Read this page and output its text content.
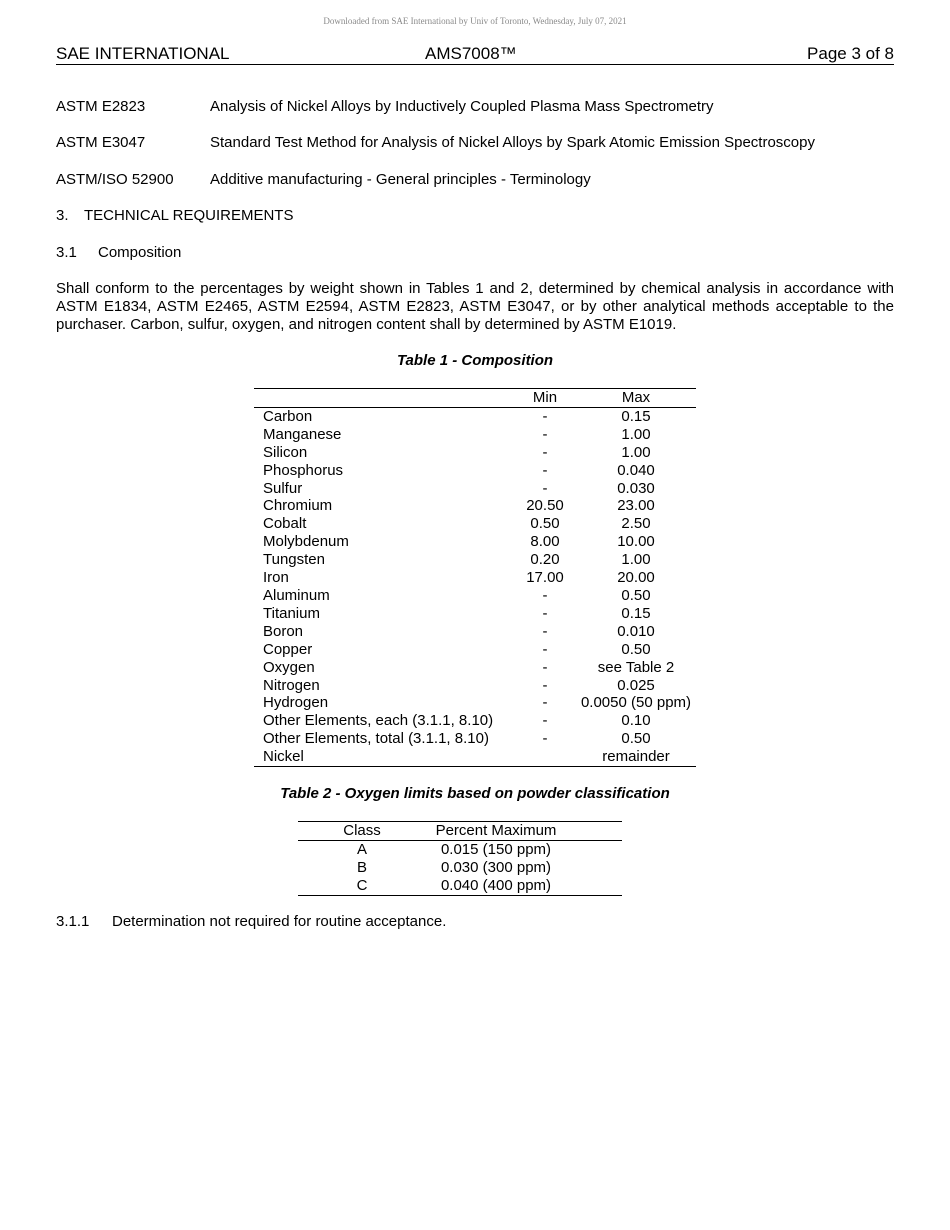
Downloaded from SAE International by Univ of Toronto, Wednesday, July 07, 2021
SAE INTERNATIONAL	AMS7008™	Page 3 of 8
ASTM E2823	Analysis of Nickel Alloys by Inductively Coupled Plasma Mass Spectrometry
ASTM E3047	Standard Test Method for Analysis of Nickel Alloys by Spark Atomic Emission Spectroscopy
ASTM/ISO 52900 Additive manufacturing - General principles - Terminology
3. TECHNICAL REQUIREMENTS
3.1 Composition
Shall conform to the percentages by weight shown in Tables 1 and 2, determined by chemical analysis in accordance with ASTM E1834, ASTM E2465, ASTM E2594, ASTM E2823, ASTM E3047, or by other analytical methods acceptable to the purchaser. Carbon, sulfur, oxygen, and nitrogen content shall by determined by ASTM E1019.
Table 1 - Composition
	Min	Max
Carbon	-	0.15
Manganese	-	1.00
Silicon	-	1.00
Phosphorus	-	0.040
Sulfur	-	0.030
Chromium	20.50	23.00
Cobalt	0.50	2.50
Molybdenum	8.00	10.00
Tungsten	0.20	1.00
Iron	17.00	20.00
Aluminum	-	0.50
Titanium	-	0.15
Boron	-	0.010
Copper	-	0.50
Oxygen	-	see Table 2
Nitrogen	-	0.025
Hydrogen	-	0.0050 (50 ppm)
Other Elements, each (3.1.1, 8.10)	-	0.10
Other Elements, total (3.1.1, 8.10)	-	0.50
Nickel		remainder
Table 2 - Oxygen limits based on powder classification
Class	Percent Maximum
A	0.015 (150 ppm)
B	0.030 (300 ppm)
C	0.040 (400 ppm)
3.1.1 Determination not required for routine acceptance.
